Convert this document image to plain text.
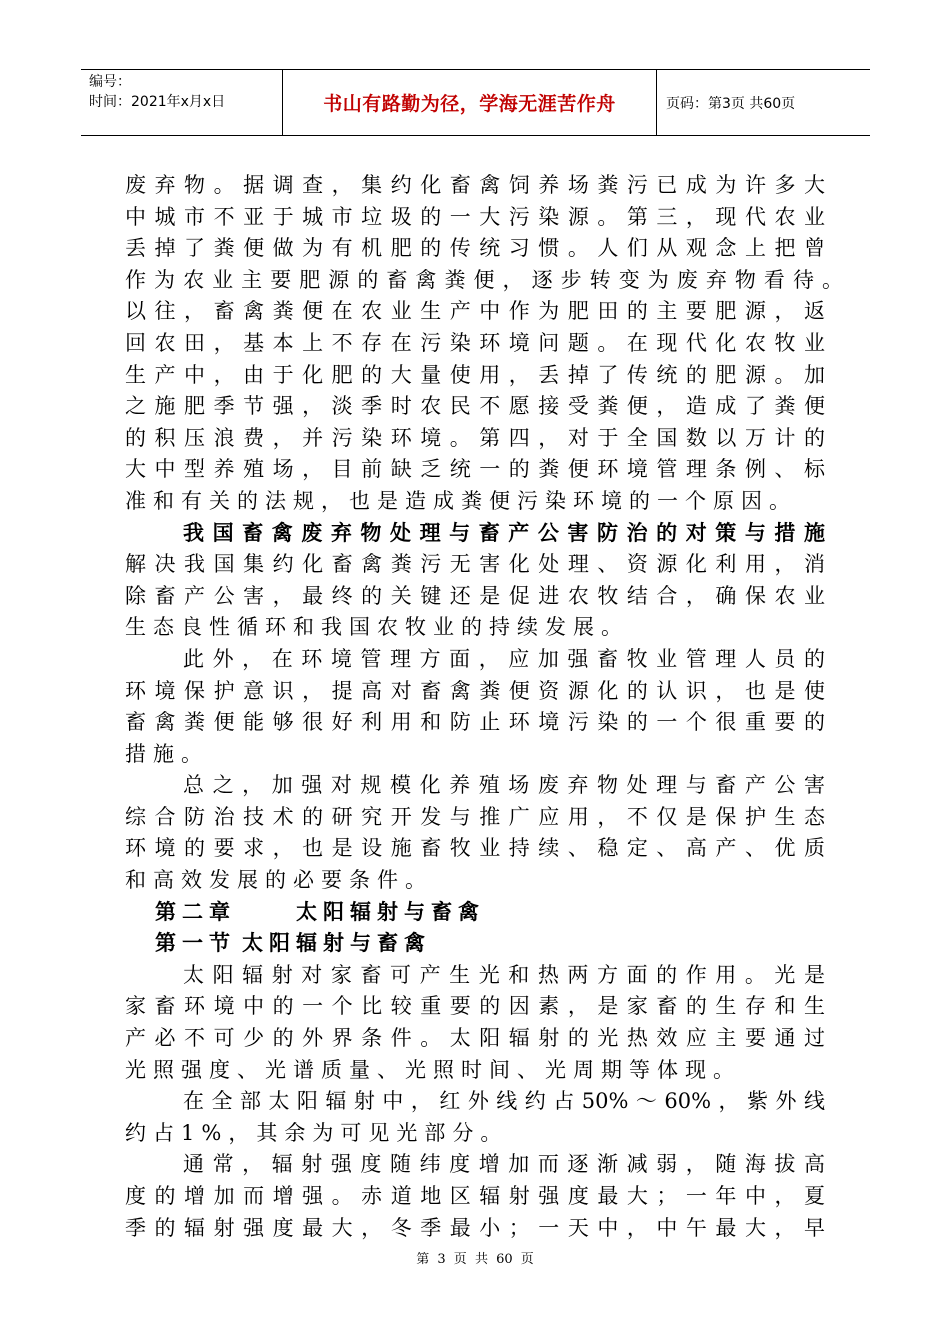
编号：
时间：2021年x月x日	书山有路勤为径，学海无涯苦作舟	页码：第3页 共60页
废弃物。据调查，集约化畜禽饲养场粪污已成为许多大
中城市不亚于城市垃圾的一大污染源。第三，现代农业
丢掉了粪便做为有机肥的传统习惯。人们从观念上把曾
作为农业主要肥源的畜禽粪便，逐步转变为废弃物看待。
以往，畜禽粪便在农业生产中作为肥田的主要肥源，返
回农田，基本上不存在污染环境问题。在现代化农牧业
生产中，由于化肥的大量使用，丢掉了传统的肥源。加
之施肥季节强，淡季时农民不愿接受粪便，造成了粪便
的积压浪费，并污染环境。第四，对于全国数以万计的
大中型养殖场，目前缺乏统一的粪便环境管理条例、标
准和有关的法规，也是造成粪便污染环境的一个原因。
我国畜禽废弃物处理与畜产公害防治的对策与措施
解决我国集约化畜禽粪污无害化处理、资源化利用，消
除畜产公害，最终的关键还是促进农牧结合，确保农业
生态良性循环和我国农牧业的持续发展。
此外，在环境管理方面，应加强畜牧业管理人员的
环境保护意识，提高对畜禽粪便资源化的认识，也是使
畜禽粪便能够很好利用和防止环境污染的一个很重要的
措施。
总之，加强对规模化养殖场废弃物处理与畜产公害
综合防治技术的研究开发与推广应用，不仅是保护生态
环境的要求，也是设施畜牧业持续、稳定、高产、优质
和高效发展的必要条件。
第二章	太阳辐射与畜禽
第一节 太阳辐射与畜禽
太阳辐射对家畜可产生光和热两方面的作用。光是
家畜环境中的一个比较重要的因素，是家畜的生存和生
产必不可少的外界条件。太阳辐射的光热效应主要通过
光照强度、光谱质量、光照时间、光周期等体现。
在全部太阳辐射中，红外线约占50%～60%，紫外线
约占1%，其余为可见光部分。
通常，辐射强度随纬度增加而逐渐减弱，随海拔高
度的增加而增强。赤道地区辐射强度最大；一年中，夏
季的辐射强度最大，冬季最小；一天中，中午最大，早
第 3 页 共 60 页
